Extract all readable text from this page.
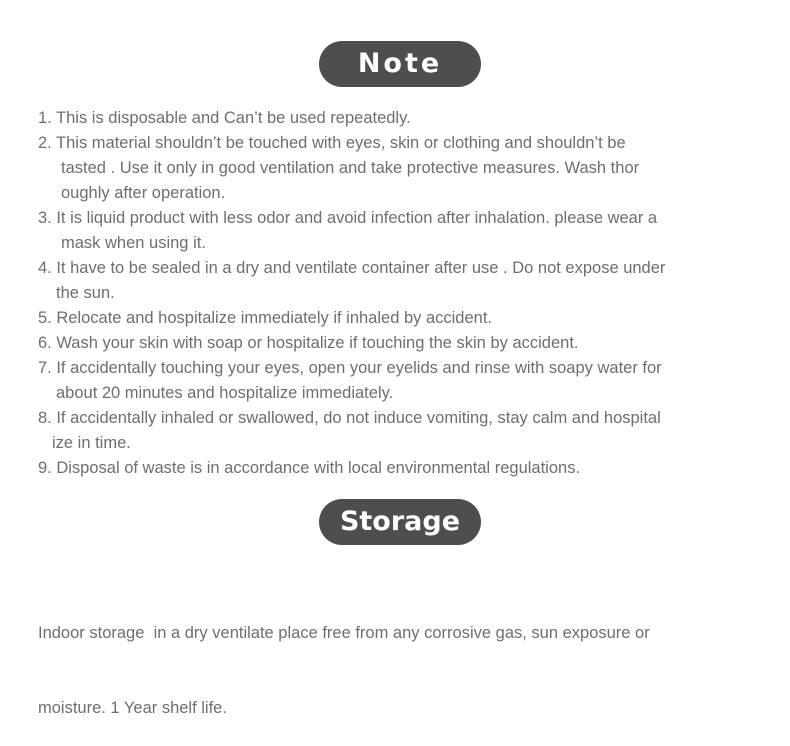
Note
1. This is disposable and Can’t be used repeatedly.
2. This material shouldn’t be touched with eyes, skin or clothing and shouldn’t be
tasted . Use it only in good ventilation and take protective measures. Wash thor
oughly after operation.
3. It is liquid product with less odor and avoid infection after inhalation. please wear a
mask when using it.
4. It have to be sealed in a dry and ventilate container after use . Do not expose under
the sun.
5. Relocate and hospitalize immediately if inhaled by accident.
6. Wash your skin with soap or hospitalize if touching the skin by accident.
7. If accidentally touching your eyes, open your eyelids and rinse with soapy water for
about 20 minutes and hospitalize immediately.
8. If accidentally inhaled or swallowed, do not induce vomiting, stay calm and hospital
ize in time.
9. Disposal of waste is in accordance with local environmental regulations.
Storage

Indoor storage  in a dry ventilate place free from any corrosive gas, sun exposure or

moisture. 1 Year shelf life.
